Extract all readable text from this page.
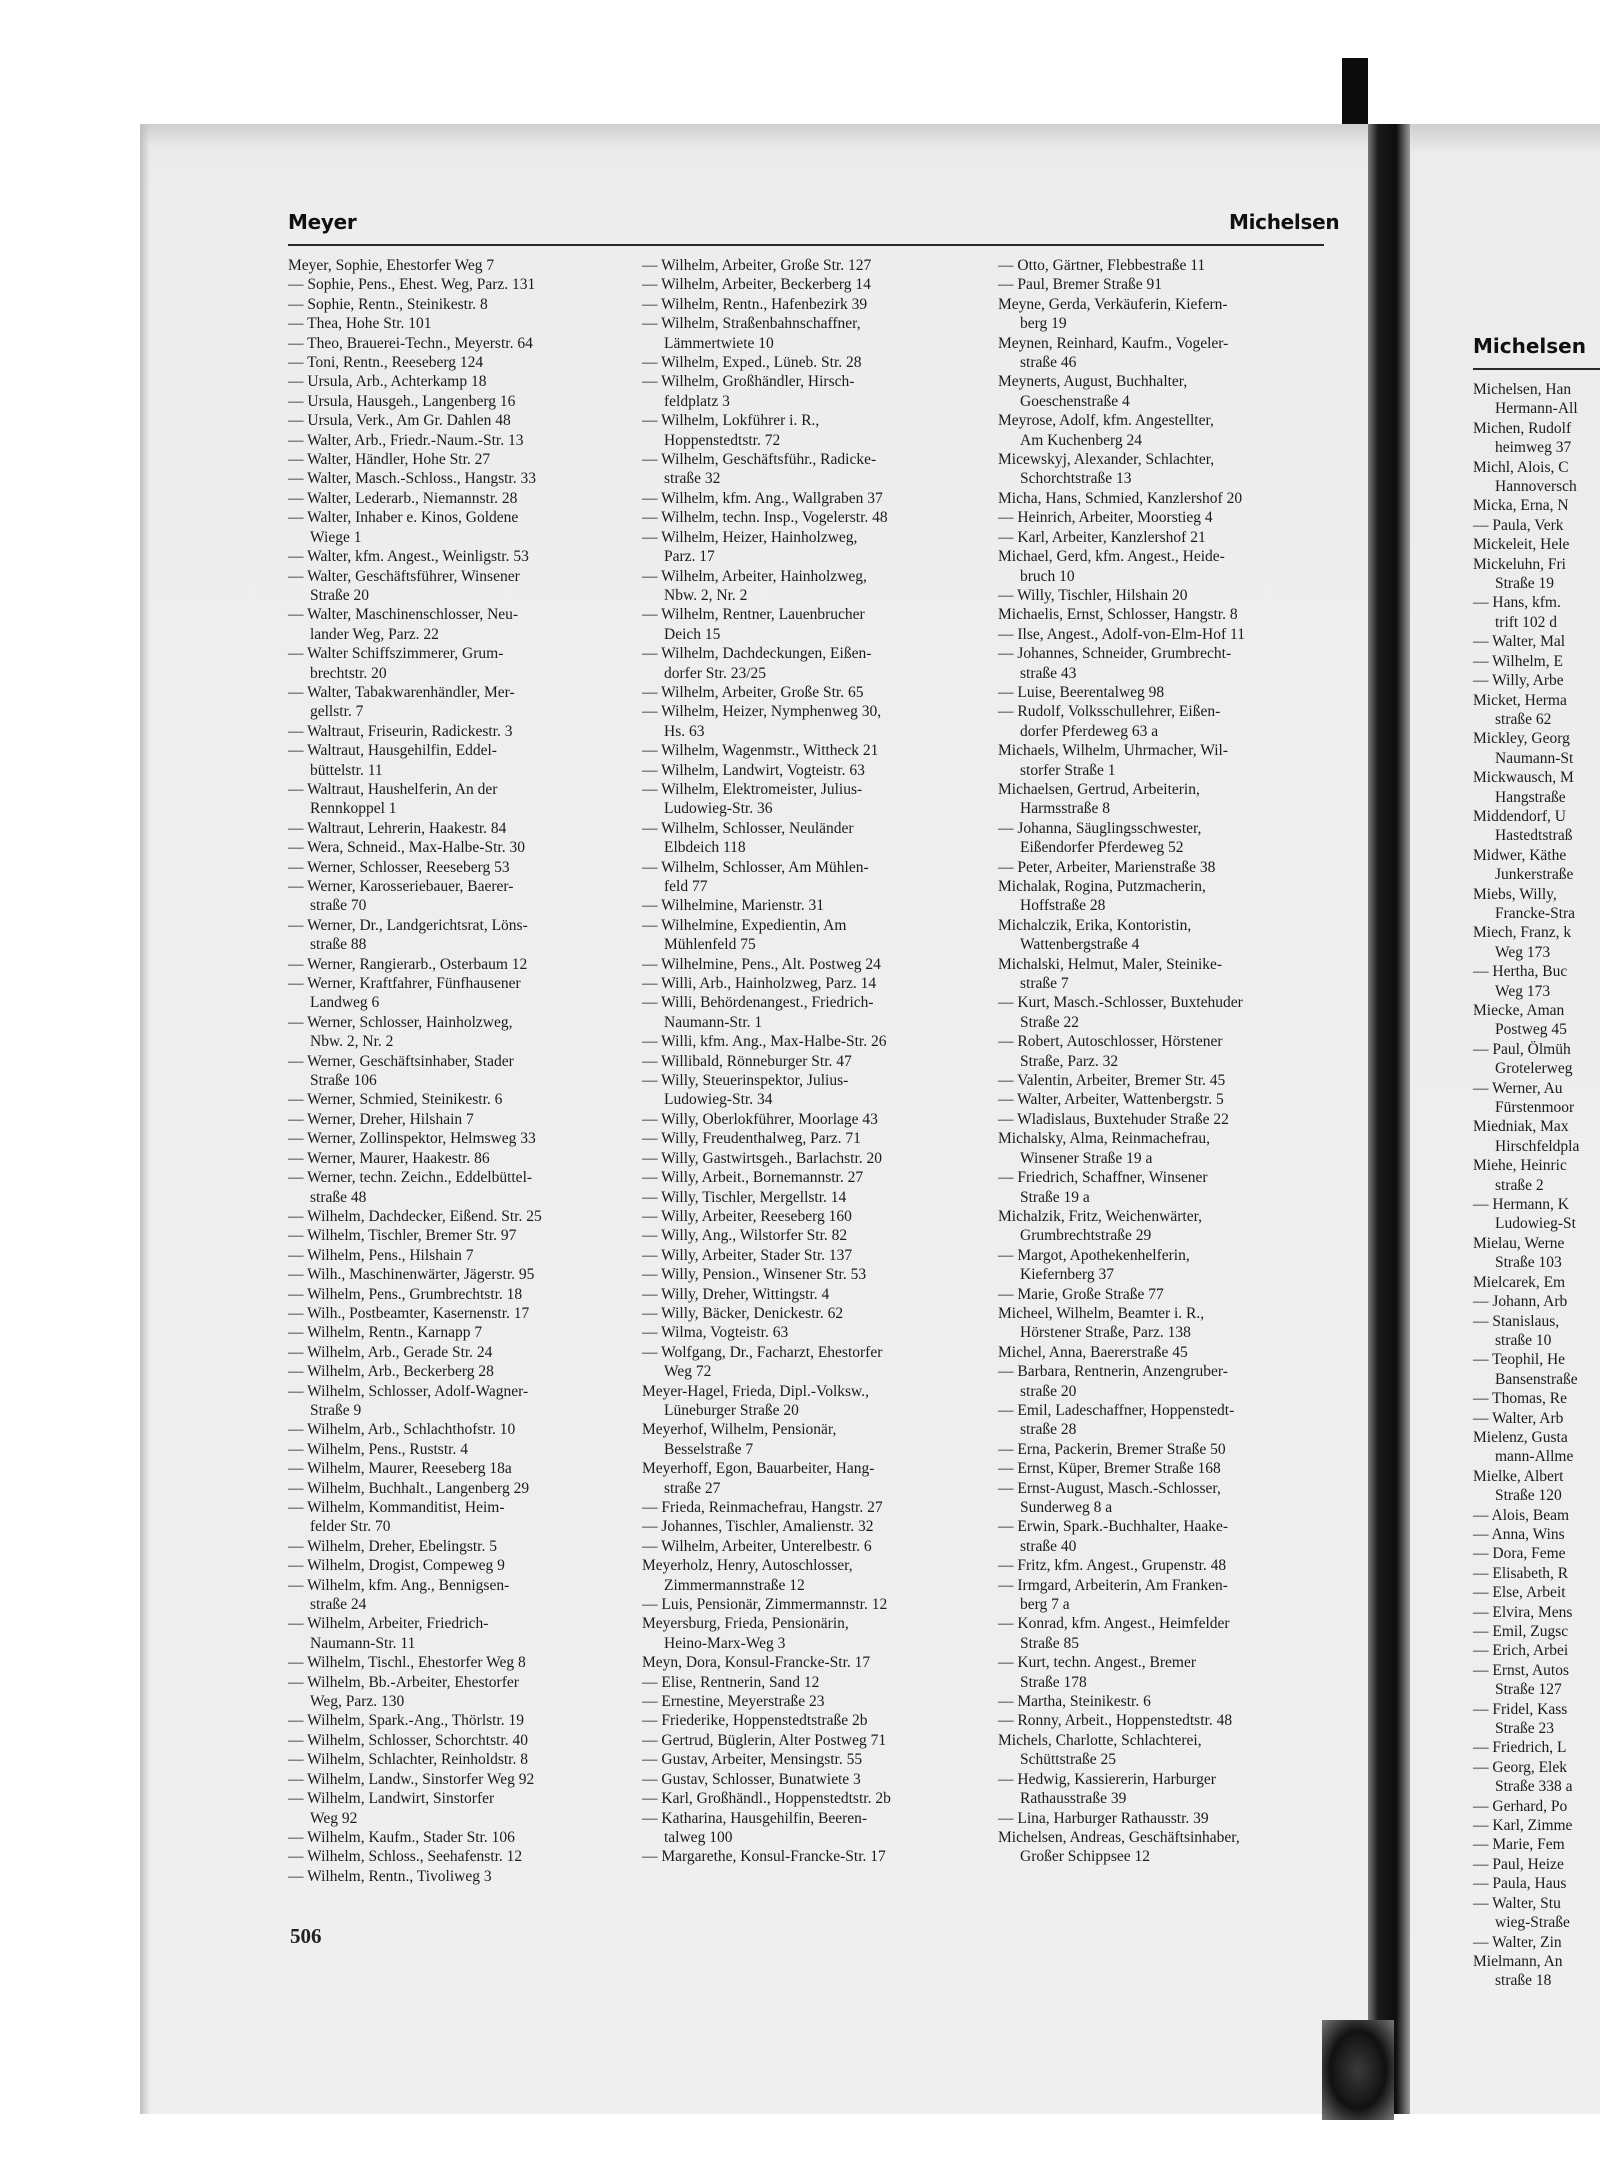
Meyer	Michelsen

Meyer, Sophie, Ehestorfer Weg 7

— Sophie, Pens., Ehest. Weg, Parz. 131

— Sophie, Rentn., Steinikestr. 8

— Thea, Hohe Str. 101

— Theo, Brauerei-Techn., Meyerstr. 64

— Toni, Rentn., Reeseberg 124

— Ursula, Arb., Achterkamp 18

— Ursula, Hausgeh., Langenberg 16

— Ursula, Verk., Am Gr. Dahlen 48

— Walter, Arb., Friedr.-Naum.-Str. 13

— Walter, Händler, Hohe Str. 27

— Walter, Masch.-Schloss., Hangstr. 33

— Walter, Lederarb., Niemannstr. 28

— Walter, Inhaber e. Kinos, Goldene
Wiege 1

— Walter, kfm. Angest., Weinligstr. 53

— Walter, Geschäftsführer, Winsener
Straße 20

— Walter, Maschinenschlosser, Neu-
lander Weg, Parz. 22

— Walter Schiffszimmerer, Grum-
brechtstr. 20

— Walter, Tabakwarenhändler, Mer-
gellstr. 7

— Waltraut, Friseurin, Radickestr. 3

— Waltraut, Hausgehilfin, Eddel-
büttelstr. 11

— Waltraut, Haushelferin, An der
Rennkoppel 1

— Waltraut, Lehrerin, Haakestr. 84

— Wera, Schneid., Max-Halbe-Str. 30

— Werner, Schlosser, Reeseberg 53

— Werner, Karosseriebauer, Baerer-
straße 70

— Werner, Dr., Landgerichtsrat, Löns-
straße 88

— Werner, Rangierarb., Osterbaum 12

— Werner, Kraftfahrer, Fünfhausener
Landweg 6

— Werner, Schlosser, Hainholzweg,
Nbw. 2, Nr. 2

— Werner, Geschäftsinhaber, Stader
Straße 106

— Werner, Schmied, Steinikestr. 6

— Werner, Dreher, Hilshain 7

— Werner, Zollinspektor, Helmsweg 33

— Werner, Maurer, Haakestr. 86

— Werner, techn. Zeichn., Eddelbüttel-
straße 48

— Wilhelm, Dachdecker, Eißend. Str. 25

— Wilhelm, Tischler, Bremer Str. 97

— Wilhelm, Pens., Hilshain 7

— Wilh., Maschinenwärter, Jägerstr. 95

— Wilhelm, Pens., Grumbrechtstr. 18

— Wilh., Postbeamter, Kasernenstr. 17

— Wilhelm, Rentn., Karnapp 7

— Wilhelm, Arb., Gerade Str. 24

— Wilhelm, Arb., Beckerberg 28

— Wilhelm, Schlosser, Adolf-Wagner-
Straße 9

— Wilhelm, Arb., Schlachthofstr. 10

— Wilhelm, Pens., Ruststr. 4

— Wilhelm, Maurer, Reeseberg 18a

— Wilhelm, Buchhalt., Langenberg 29

— Wilhelm, Kommanditist, Heim-
felder Str. 70

— Wilhelm, Dreher, Ebelingstr. 5

— Wilhelm, Drogist, Compeweg 9

— Wilhelm, kfm. Ang., Bennigsen-
straße 24

— Wilhelm, Arbeiter, Friedrich-
Naumann-Str. 11

— Wilhelm, Tischl., Ehestorfer Weg 8

— Wilhelm, Bb.-Arbeiter, Ehestorfer
Weg, Parz. 130

— Wilhelm, Spark.-Ang., Thörlstr. 19

— Wilhelm, Schlosser, Schorchtstr. 40

— Wilhelm, Schlachter, Reinholdstr. 8

— Wilhelm, Landw., Sinstorfer Weg 92

— Wilhelm, Landwirt, Sinstorfer
Weg 92

— Wilhelm, Kaufm., Stader Str. 106

— Wilhelm, Schloss., Seehafenstr. 12

— Wilhelm, Rentn., Tivoliweg 3

— Wilhelm, Arbeiter, Große Str. 127

— Wilhelm, Arbeiter, Beckerberg 14

— Wilhelm, Rentn., Hafenbezirk 39

— Wilhelm, Straßenbahnschaffner,
Lämmertwiete 10

— Wilhelm, Exped., Lüneb. Str. 28

— Wilhelm, Großhändler, Hirsch-
feldplatz 3

— Wilhelm, Lokführer i. R.,
Hoppenstedtstr. 72

— Wilhelm, Geschäftsführ., Radicke-
straße 32

— Wilhelm, kfm. Ang., Wallgraben 37

— Wilhelm, techn. Insp., Vogelerstr. 48

— Wilhelm, Heizer, Hainholzweg,
Parz. 17

— Wilhelm, Arbeiter, Hainholzweg,
Nbw. 2, Nr. 2

— Wilhelm, Rentner, Lauenbrucher
Deich 15

— Wilhelm, Dachdeckungen, Eißen-
dorfer Str. 23/25

— Wilhelm, Arbeiter, Große Str. 65

— Wilhelm, Heizer, Nymphenweg 30,
Hs. 63

— Wilhelm, Wagenmstr., Wittheck 21

— Wilhelm, Landwirt, Vogteistr. 63

— Wilhelm, Elektromeister, Julius-
Ludowieg-Str. 36

— Wilhelm, Schlosser, Neuländer
Elbdeich 118

— Wilhelm, Schlosser, Am Mühlen-
feld 77

— Wilhelmine, Marienstr. 31

— Wilhelmine, Expedientin, Am
Mühlenfeld 75

— Wilhelmine, Pens., Alt. Postweg 24

— Willi, Arb., Hainholzweg, Parz. 14

— Willi, Behördenangest., Friedrich-
Naumann-Str. 1

— Willi, kfm. Ang., Max-Halbe-Str. 26

— Willibald, Rönneburger Str. 47

— Willy, Steuerinspektor, Julius-
Ludowieg-Str. 34

— Willy, Oberlokführer, Moorlage 43

— Willy, Freudenthalweg, Parz. 71

— Willy, Gastwirtsgeh., Barlachstr. 20

— Willy, Arbeit., Bornemannstr. 27

— Willy, Tischler, Mergellstr. 14

— Willy, Arbeiter, Reeseberg 160

— Willy, Ang., Wilstorfer Str. 82

— Willy, Arbeiter, Stader Str. 137

— Willy, Pension., Winsener Str. 53

— Willy, Dreher, Wittingstr. 4

— Willy, Bäcker, Denickestr. 62

— Wilma, Vogteistr. 63

— Wolfgang, Dr., Facharzt, Ehestorfer
Weg 72

Meyer-Hagel, Frieda, Dipl.-Volksw.,
Lüneburger Straße 20

Meyerhof, Wilhelm, Pensionär,
Besselstraße 7

Meyerhoff, Egon, Bauarbeiter, Hang-
straße 27

— Frieda, Reinmachefrau, Hangstr. 27

— Johannes, Tischler, Amalienstr. 32

— Wilhelm, Arbeiter, Unterelbestr. 6

Meyerholz, Henry, Autoschlosser,
Zimmermannstraße 12

— Luis, Pensionär, Zimmermannstr. 12

Meyersburg, Frieda, Pensionärin,
Heino-Marx-Weg 3

Meyn, Dora, Konsul-Francke-Str. 17

— Elise, Rentnerin, Sand 12

— Ernestine, Meyerstraße 23

— Friederike, Hoppenstedtstraße 2b

— Gertrud, Büglerin, Alter Postweg 71

— Gustav, Arbeiter, Mensingstr. 55

— Gustav, Schlosser, Bunatwiete 3

— Karl, Großhändl., Hoppenstedtstr. 2b

— Katharina, Hausgehilfin, Beeren-
talweg 100

— Margarethe, Konsul-Francke-Str. 17

— Otto, Gärtner, Flebbestraße 11

— Paul, Bremer Straße 91

Meyne, Gerda, Verkäuferin, Kiefern-
berg 19

Meynen, Reinhard, Kaufm., Vogeler-
straße 46

Meynerts, August, Buchhalter,
Goeschenstraße 4

Meyrose, Adolf, kfm. Angestellter,
Am Kuchenberg 24

Micewskyj, Alexander, Schlachter,
Schorchtstraße 13

Micha, Hans, Schmied, Kanzlershof 20

— Heinrich, Arbeiter, Moorstieg 4

— Karl, Arbeiter, Kanzlershof 21

Michael, Gerd, kfm. Angest., Heide-
bruch 10

— Willy, Tischler, Hilshain 20

Michaelis, Ernst, Schlosser, Hangstr. 8

— Ilse, Angest., Adolf-von-Elm-Hof 11

— Johannes, Schneider, Grumbrecht-
straße 43

— Luise, Beerentalweg 98

— Rudolf, Volksschullehrer, Eißen-
dorfer Pferdeweg 63 a

Michaels, Wilhelm, Uhrmacher, Wil-
storfer Straße 1

Michaelsen, Gertrud, Arbeiterin,
Harmsstraße 8

— Johanna, Säuglingsschwester,
Eißendorfer Pferdeweg 52

— Peter, Arbeiter, Marienstraße 38

Michalak, Rogina, Putzmacherin,
Hoffstraße 28

Michalczik, Erika, Kontoristin,
Wattenbergstraße 4

Michalski, Helmut, Maler, Steinike-
straße 7

— Kurt, Masch.-Schlosser, Buxtehuder
Straße 22

— Robert, Autoschlosser, Hörstener
Straße, Parz. 32

— Valentin, Arbeiter, Bremer Str. 45

— Walter, Arbeiter, Wattenbergstr. 5

— Wladislaus, Buxtehuder Straße 22

Michalsky, Alma, Reinmachefrau,
Winsener Straße 19 a

— Friedrich, Schaffner, Winsener
Straße 19 a

Michalzik, Fritz, Weichenwärter,
Grumbrechtstraße 29

— Margot, Apothekenhelferin,
Kiefernberg 37

— Marie, Große Straße 77

Micheel, Wilhelm, Beamter i. R.,
Hörstener Straße, Parz. 138

Michel, Anna, Baererstraße 45

— Barbara, Rentnerin, Anzengruber-
straße 20

— Emil, Ladeschaffner, Hoppenstedt-
straße 28

— Erna, Packerin, Bremer Straße 50

— Ernst, Küper, Bremer Straße 168

— Ernst-August, Masch.-Schlosser,
Sunderweg 8 a

— Erwin, Spark.-Buchhalter, Haake-
straße 40

— Fritz, kfm. Angest., Grupenstr. 48

— Irmgard, Arbeiterin, Am Franken-
berg 7 a

— Konrad, kfm. Angest., Heimfelder
Straße 85

— Kurt, techn. Angest., Bremer
Straße 178

— Martha, Steinikestr. 6

— Ronny, Arbeit., Hoppenstedtstr. 48

Michels, Charlotte, Schlachterei,
Schüttstraße 25

— Hedwig, Kassiererin, Harburger
Rathausstraße 39

— Lina, Harburger Rathausstr. 39

Michelsen, Andreas, Geschäftsinhaber,
Großer Schippsee 12

506
Michelsen
Michelsen, Han
Hermann-All
Michen, Rudolf
heimweg 37
Michl, Alois, C
Hannoversch
Micka, Erna, N
— Paula, Verk
Mickeleit, Hele
Mickeluhn, Fri
Straße 19
— Hans, kfm.
trift 102 d
— Walter, Mal
— Wilhelm, E
— Willy, Arbe
Micket, Herma
straße 62
Mickley, Georg
Naumann-St
Mickwausch, M
Hangstraße
Middendorf, U
Hastedtstraß
Midwer, Käthe
Junkerstraße
Miebs, Willy,
Francke-Stra
Miech, Franz, k
Weg 173
— Hertha, Buc
Weg 173
Miecke, Aman
Postweg 45
— Paul, Ölmüh
Grotelerweg
— Werner, Au
Fürstenmoor
Miedniak, Max
Hirschfeldpla
Miehe, Heinric
straße 2
— Hermann, K
Ludowieg-St
Mielau, Werne
Straße 103
Mielcarek, Em
— Johann, Arb
— Stanislaus,
straße 10
— Teophil, He
Bansenstraße
— Thomas, Re
— Walter, Arb
Mielenz, Gusta
mann-Allme
Mielke, Albert
Straße 120
— Alois, Beam
— Anna, Wins
— Dora, Feme
— Elisabeth, R
— Else, Arbeit
— Elvira, Mens
— Emil, Zugsc
— Erich, Arbei
— Ernst, Autos
Straße 127
— Fridel, Kass
Straße 23
— Friedrich, L
— Georg, Elek
Straße 338 a
— Gerhard, Po
— Karl, Zimme
— Marie, Fem
— Paul, Heize
— Paula, Haus
— Walter, Stu
wieg-Straße
— Walter, Zin
Mielmann, An
straße 18
